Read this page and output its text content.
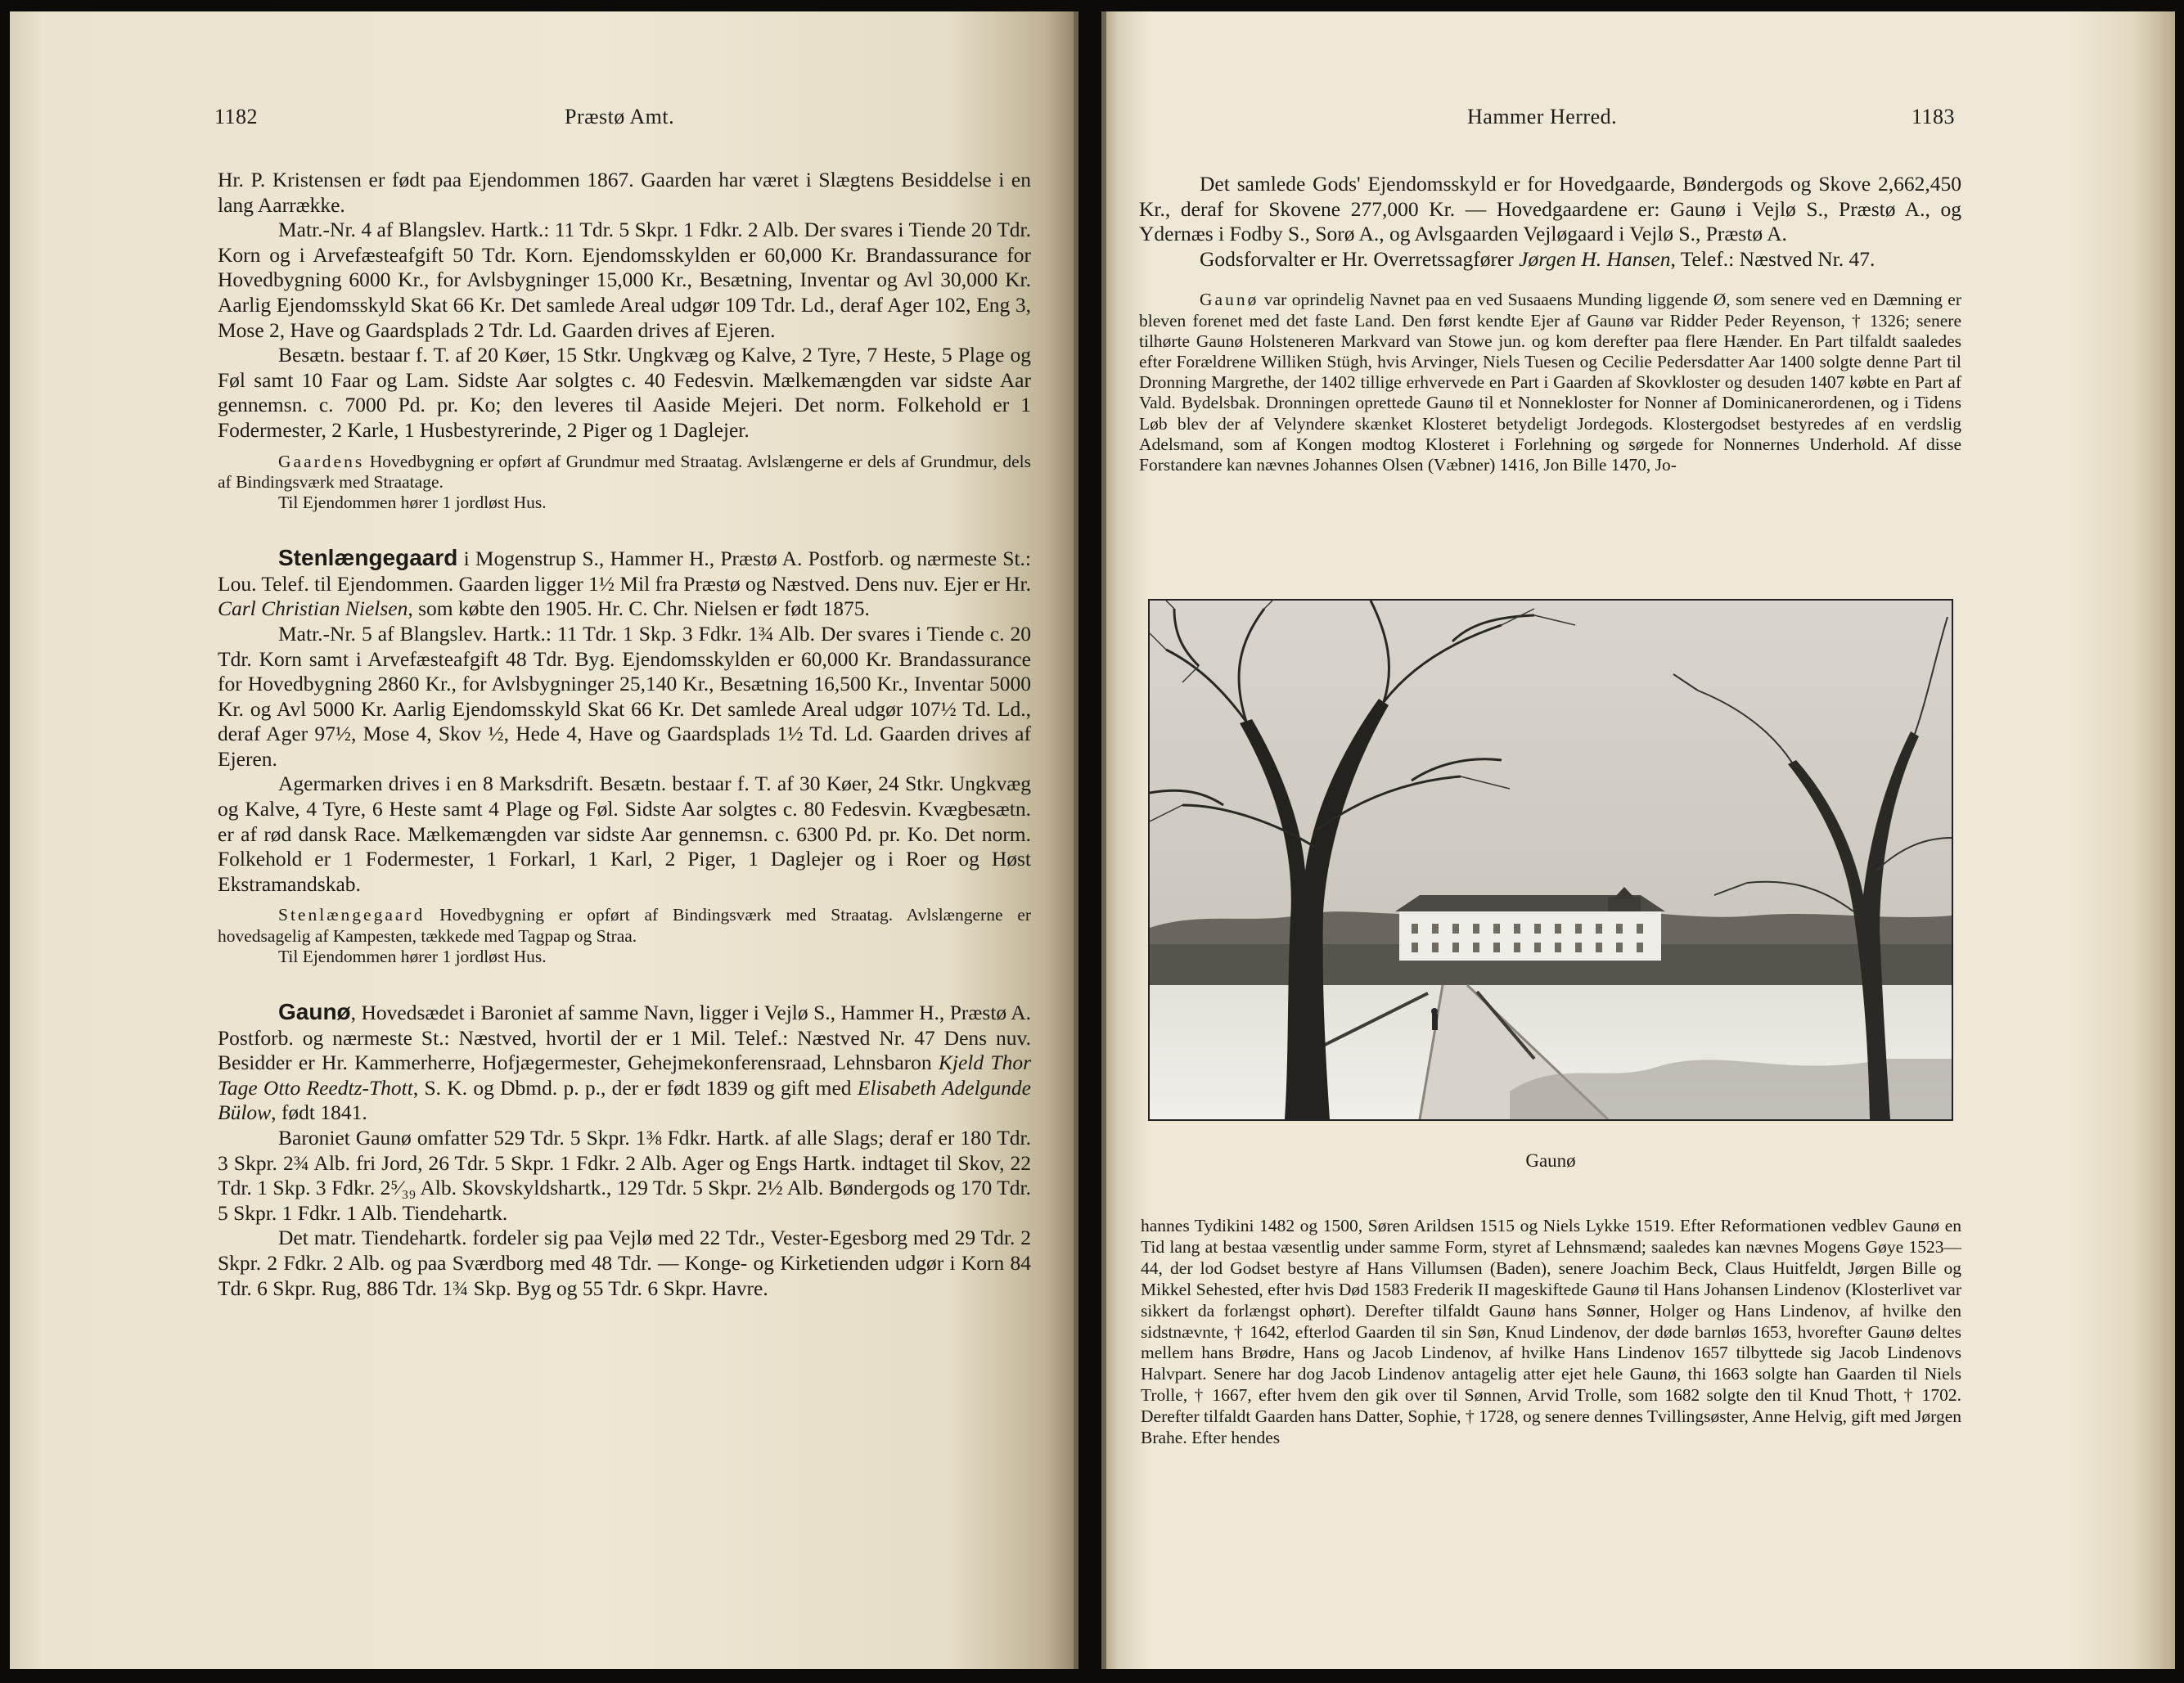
1182	Præstø Amt.

Hr. P. Kristensen er født paa Ejendommen 1867. Gaarden har været i Slægtens Besiddelse i en lang Aarrække.

Matr.-Nr. 4 af Blangslev. Hartk.: 11 Tdr. 5 Skpr. 1 Fdkr. 2 Alb. Der svares i Tiende 20 Tdr. Korn og i Arvefæsteafgift 50 Tdr. Korn. Ejendomsskylden er 60,000 Kr. Brandassurance for Hovedbygning 6000 Kr., for Avlsbygninger 15,000 Kr., Besætning, Inventar og Avl 30,000 Kr. Aarlig Ejendomsskyld Skat 66 Kr. Det samlede Areal udgør 109 Tdr. Ld., deraf Ager 102, Eng 3, Mose 2, Have og Gaardsplads 2 Tdr. Ld. Gaarden drives af Ejeren.

Besætn. bestaar f. T. af 20 Køer, 15 Stkr. Ungkvæg og Kalve, 2 Tyre, 7 Heste, 5 Plage og Føl samt 10 Faar og Lam. Sidste Aar solgtes c. 40 Fedesvin. Mælkemængden var sidste Aar gennemsn. c. 7000 Pd. pr. Ko; den leveres til Aaside Mejeri. Det norm. Folkehold er 1 Fodermester, 2 Karle, 1 Husbestyrerinde, 2 Piger og 1 Daglejer.

Gaardens Hovedbygning er opført af Grundmur med Straatag. Avlslængerne er dels af Grundmur, dels af Bindingsværk med Straatage.

Til Ejendommen hører 1 jordløst Hus.

Stenlængegaard i Mogenstrup S., Hammer H., Præstø A. Postforb. og nærmeste St.: Lou. Telef. til Ejendommen. Gaarden ligger 1½ Mil fra Præstø og Næstved. Dens nuv. Ejer er Hr. Carl Christian Nielsen, som købte den 1905. Hr. C. Chr. Nielsen er født 1875.

Matr.-Nr. 5 af Blangslev. Hartk.: 11 Tdr. 1 Skp. 3 Fdkr. 1¾ Alb. Der svares i Tiende c. 20 Tdr. Korn samt i Arvefæsteafgift 48 Tdr. Byg. Ejendomsskylden er 60,000 Kr. Brandassurance for Hovedbygning 2860 Kr., for Avlsbygninger 25,140 Kr., Besætning 16,500 Kr., Inventar 5000 Kr. og Avl 5000 Kr. Aarlig Ejendomsskyld Skat 66 Kr. Det samlede Areal udgør 107½ Td. Ld., deraf Ager 97½, Mose 4, Skov ½, Hede 4, Have og Gaardsplads 1½ Td. Ld. Gaarden drives af Ejeren.

Agermarken drives i en 8 Marksdrift. Besætn. bestaar f. T. af 30 Køer, 24 Stkr. Ungkvæg og Kalve, 4 Tyre, 6 Heste samt 4 Plage og Føl. Sidste Aar solgtes c. 80 Fedesvin. Kvægbesætn. er af rød dansk Race. Mælkemængden var sidste Aar gennemsn. c. 6300 Pd. pr. Ko. Det norm. Folkehold er 1 Fodermester, 1 Forkarl, 1 Karl, 2 Piger, 1 Daglejer og i Roer og Høst Ekstramandskab.

Stenlængegaard Hovedbygning er opført af Bindingsværk med Straatag. Avlslængerne er hovedsagelig af Kampesten, tækkede med Tagpap og Straa.

Til Ejendommen hører 1 jordløst Hus.

Gaunø, Hovedsædet i Baroniet af samme Navn, ligger i Vejlø S., Hammer H., Præstø A. Postforb. og nærmeste St.: Næstved, hvortil der er 1 Mil. Telef.: Næstved Nr. 47 Dens nuv. Besidder er Hr. Kammerherre, Hofjægermester, Gehejmekonferensraad, Lehnsbaron Kjeld Thor Tage Otto Reedtz-Thott, S. K. og Dbmd. p. p., der er født 1839 og gift med Elisabeth Adelgunde Bülow, født 1841.

Baroniet Gaunø omfatter 529 Tdr. 5 Skpr. 1⅜ Fdkr. Hartk. af alle Slags; deraf er 180 Tdr. 3 Skpr. 2¾ Alb. fri Jord, 26 Tdr. 5 Skpr. 1 Fdkr. 2 Alb. Ager og Engs Hartk. indtaget til Skov, 22 Tdr. 1 Skp. 3 Fdkr. 2⁵⁄₃₉ Alb. Skovskyldshartk., 129 Tdr. 5 Skpr. 2½ Alb. Bøndergods og 170 Tdr. 5 Skpr. 1 Fdkr. 1 Alb. Tiendehartk.

Det matr. Tiendehartk. fordeler sig paa Vejlø med 22 Tdr., Vester-Egesborg med 29 Tdr. 2 Skpr. 2 Fdkr. 2 Alb. og paa Sværdborg med 48 Tdr. — Konge- og Kirketienden udgør i Korn 84 Tdr. 6 Skpr. Rug, 886 Tdr. 1¾ Skp. Byg og 55 Tdr. 6 Skpr. Havre.

Hammer Herred.	1183

Det samlede Gods' Ejendomsskyld er for Hovedgaarde, Bøndergods og Skove 2,662,450 Kr., deraf for Skovene 277,000 Kr. — Hovedgaardene er: Gaunø i Vejlø S., Præstø A., og Ydernæs i Fodby S., Sorø A., og Avlsgaarden Vejløgaard i Vejlø S., Præstø A.

Godsforvalter er Hr. Overretssagfører Jørgen H. Hansen, Telef.: Næstved Nr. 47.

Gaunø var oprindelig Navnet paa en ved Susaaens Munding liggende Ø, som senere ved en Dæmning er bleven forenet med det faste Land. Den først kendte Ejer af Gaunø var Ridder Peder Reyenson, † 1326; senere tilhørte Gaunø Holsteneren Markvard van Stowe jun. og kom derefter paa flere Hænder. En Part tilfaldt saaledes efter Forældrene Williken Stügh, hvis Arvinger, Niels Tuesen og Cecilie Pedersdatter Aar 1400 solgte denne Part til Dronning Margrethe, der 1402 tillige erhvervede en Part i Gaarden af Skovkloster og desuden 1407 købte en Part af Vald. Bydelsbak. Dronningen oprettede Gaunø til et Nonnekloster for Nonner af Dominicanerordenen, og i Tidens Løb blev der af Velyndere skænket Klosteret betydeligt Jordegods. Klostergodset bestyredes af en verdslig Adelsmand, som af Kongen modtog Klosteret i Forlehning og sørgede for Nonnernes Underhold. Af disse Forstandere kan nævnes Johannes Olsen (Væbner) 1416, Jon Bille 1470, Jo-

Gaunø

hannes Tydikini 1482 og 1500, Søren Arildsen 1515 og Niels Lykke 1519. Efter Reformationen vedblev Gaunø en Tid lang at bestaa væsentlig under samme Form, styret af Lehnsmænd; saaledes kan nævnes Mogens Gøye 1523—44, der lod Godset bestyre af Hans Villumsen (Baden), senere Joachim Beck, Claus Huitfeldt, Jørgen Bille og Mikkel Sehested, efter hvis Død 1583 Frederik II mageskiftede Gaunø til Hans Johansen Lindenov (Klosterlivet var sikkert da forlængst ophørt). Derefter tilfaldt Gaunø hans Sønner, Holger og Hans Lindenov, af hvilke den sidstnævnte, † 1642, efterlod Gaarden til sin Søn, Knud Lindenov, der døde barnløs 1653, hvorefter Gaunø deltes mellem hans Brødre, Hans og Jacob Lindenov, af hvilke Hans Lindenov 1657 tilbyttede sig Jacob Lindenovs Halvpart. Senere har dog Jacob Lindenov antagelig atter ejet hele Gaunø, thi 1663 solgte han Gaarden til Niels Trolle, † 1667, efter hvem den gik over til Sønnen, Arvid Trolle, som 1682 solgte den til Knud Thott, † 1702. Derefter tilfaldt Gaarden hans Datter, Sophie, † 1728, og senere dennes Tvillingsøster, Anne Helvig, gift med Jørgen Brahe. Efter hendes
